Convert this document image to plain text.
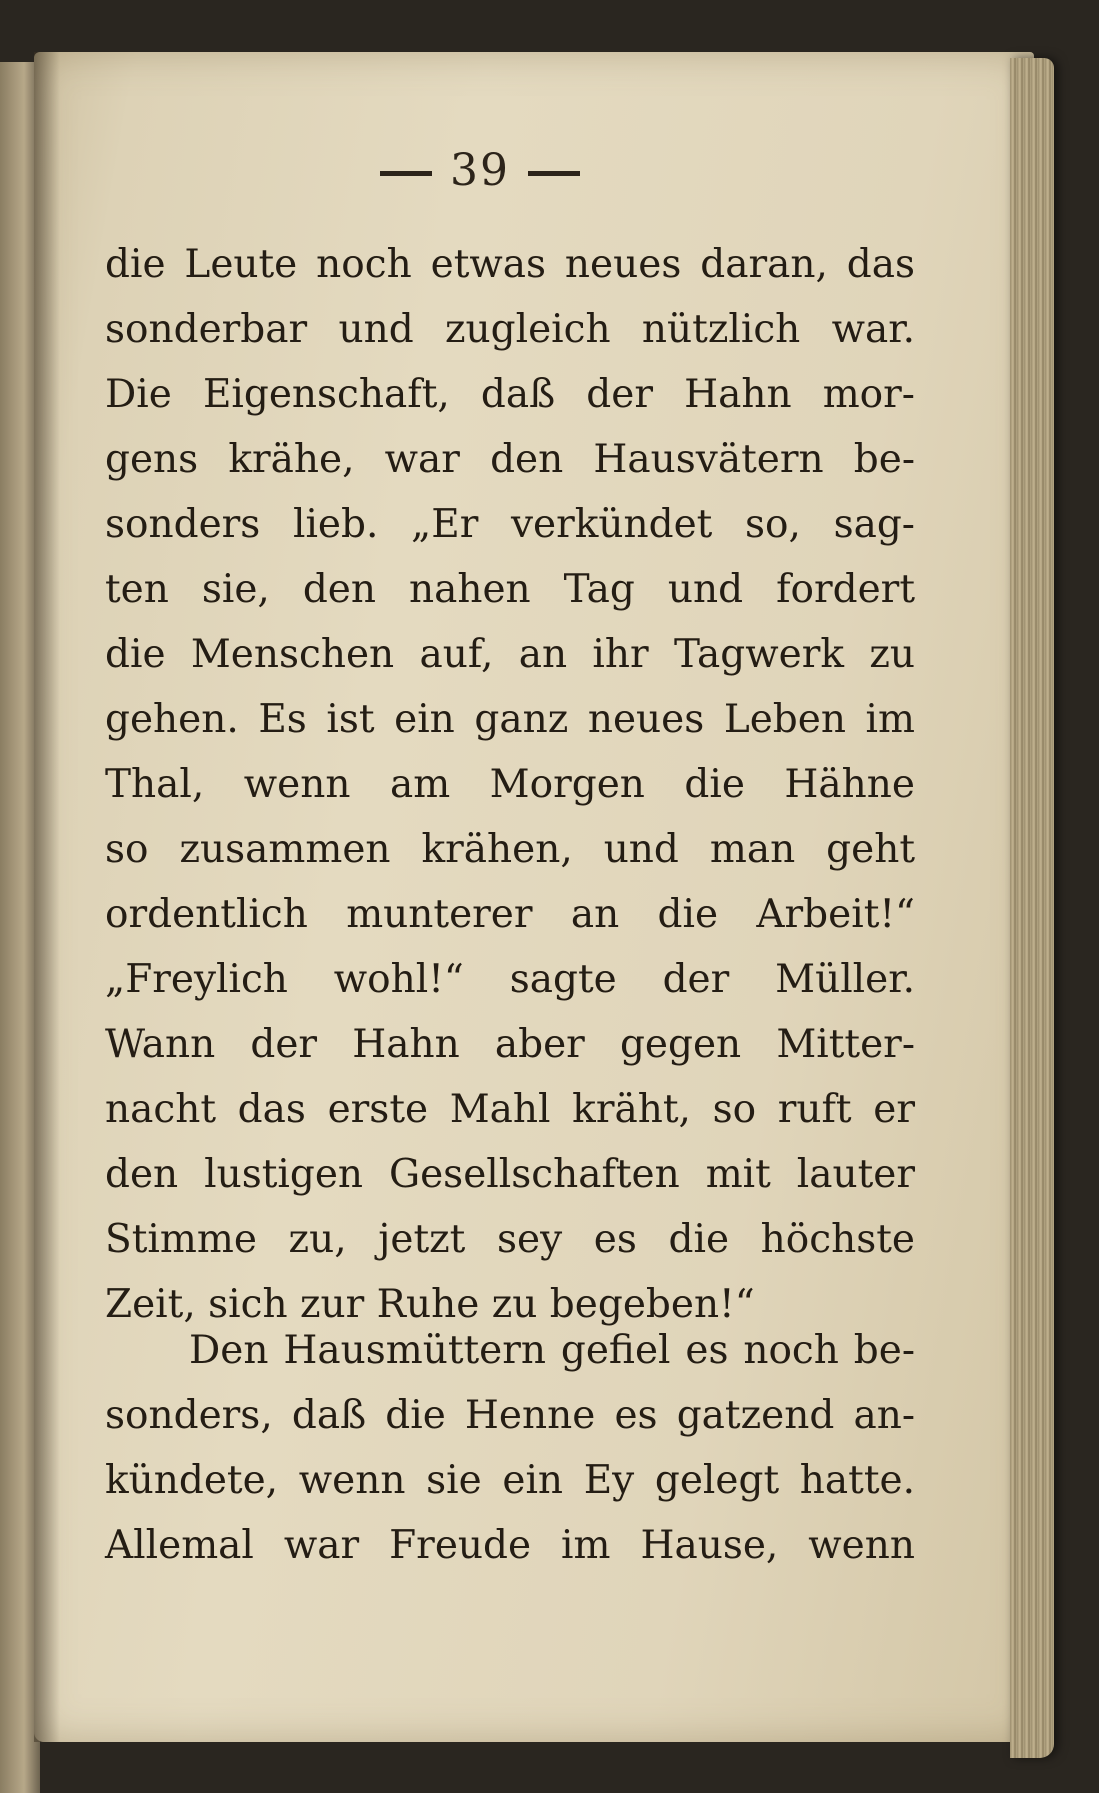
39
die Leute noch etwas neues daran, das
sonderbar und zugleich nützlich war.
Die Eigenschaft, daß der Hahn mor-
gens krähe, war den Hausvätern be-
sonders lieb. „Er verkündet so, sag-
ten sie, den nahen Tag und fordert
die Menschen auf, an ihr Tagwerk zu
gehen. Es ist ein ganz neues Leben im
Thal, wenn am Morgen die Hähne
so zusammen krähen, und man geht
ordentlich munterer an die Arbeit!“
„Freylich wohl!“ sagte der Müller.
Wann der Hahn aber gegen Mitter-
nacht das erste Mahl kräht, so ruft er
den lustigen Gesellschaften mit lauter
Stimme zu, jetzt sey es die höchste
Zeit, sich zur Ruhe zu begeben!“
Den Hausmüttern gefiel es noch be-
sonders, daß die Henne es gatzend an-
kündete, wenn sie ein Ey gelegt hatte.
Allemal war Freude im Hause, wenn
